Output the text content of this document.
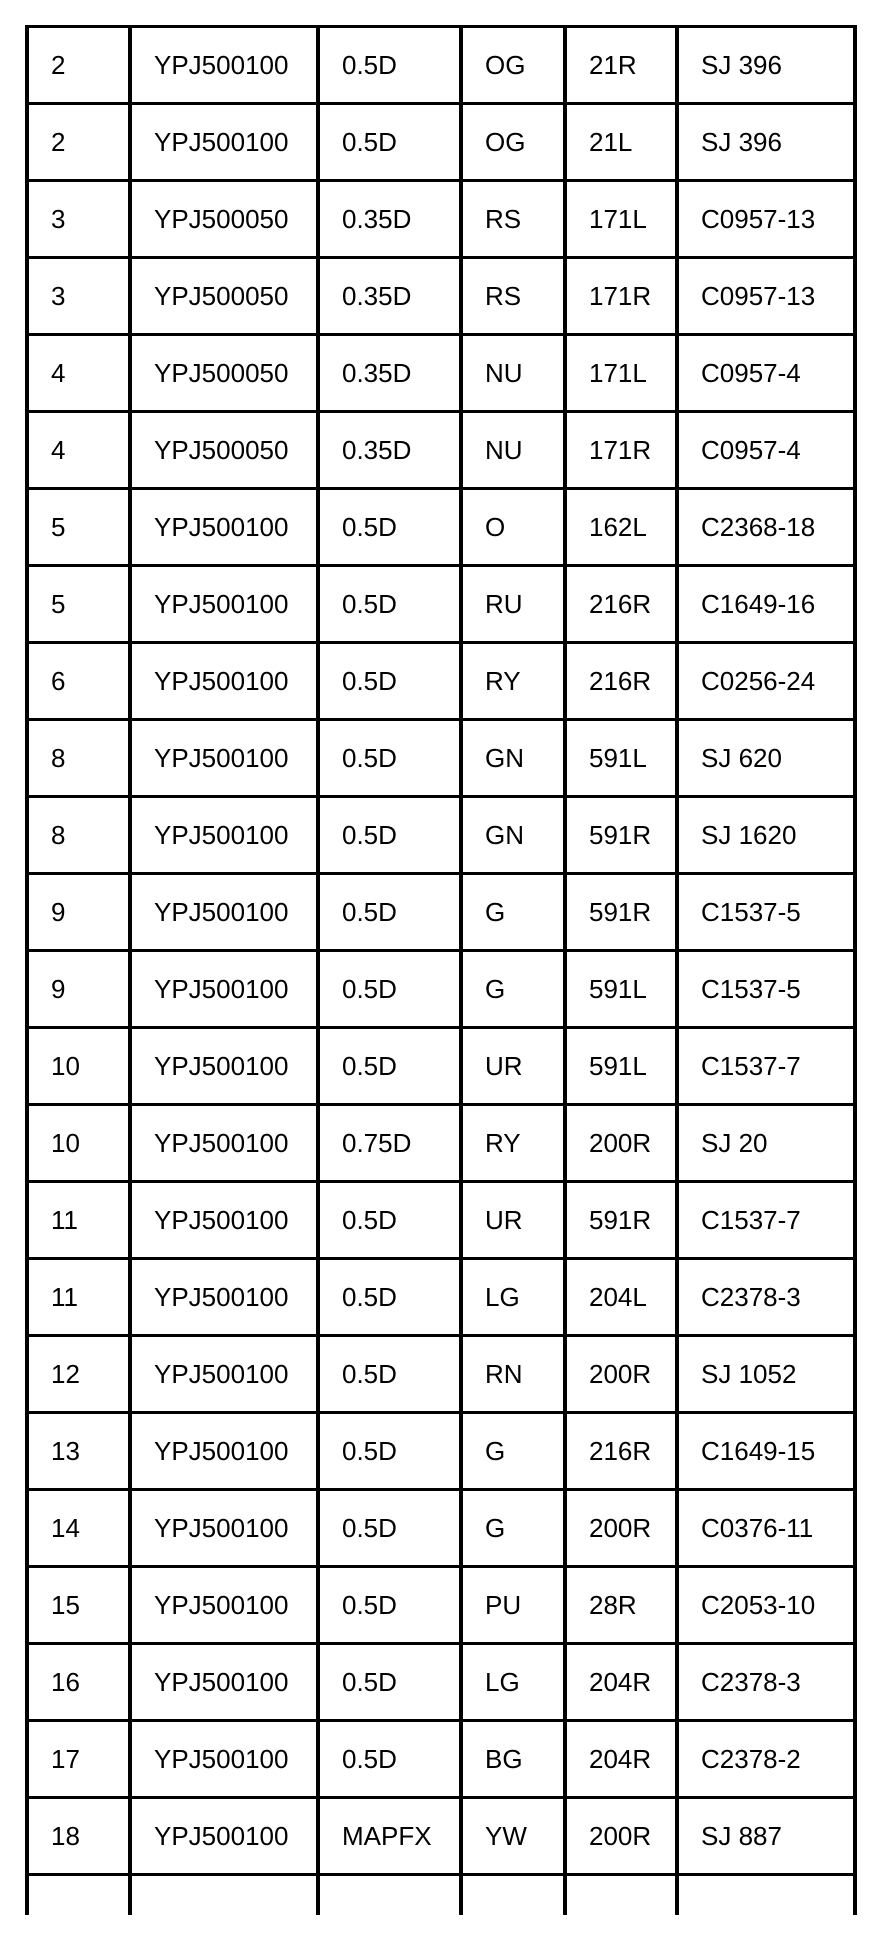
2	YPJ500100	0.5D	OG	21R	SJ 396
2	YPJ500100	0.5D	OG	21L	SJ 396
3	YPJ500050	0.35D	RS	171L	C0957-13
3	YPJ500050	0.35D	RS	171R	C0957-13
4	YPJ500050	0.35D	NU	171L	C0957-4
4	YPJ500050	0.35D	NU	171R	C0957-4
5	YPJ500100	0.5D	O	162L	C2368-18
5	YPJ500100	0.5D	RU	216R	C1649-16
6	YPJ500100	0.5D	RY	216R	C0256-24
8	YPJ500100	0.5D	GN	591L	SJ 620
8	YPJ500100	0.5D	GN	591R	SJ 1620
9	YPJ500100	0.5D	G	591R	C1537-5
9	YPJ500100	0.5D	G	591L	C1537-5
10	YPJ500100	0.5D	UR	591L	C1537-7
10	YPJ500100	0.75D	RY	200R	SJ 20
11	YPJ500100	0.5D	UR	591R	C1537-7
11	YPJ500100	0.5D	LG	204L	C2378-3
12	YPJ500100	0.5D	RN	200R	SJ 1052
13	YPJ500100	0.5D	G	216R	C1649-15
14	YPJ500100	0.5D	G	200R	C0376-11
15	YPJ500100	0.5D	PU	28R	C2053-10
16	YPJ500100	0.5D	LG	204R	C2378-3
17	YPJ500100	0.5D	BG	204R	C2378-2
18	YPJ500100	MAPFX	YW	200R	SJ 887
